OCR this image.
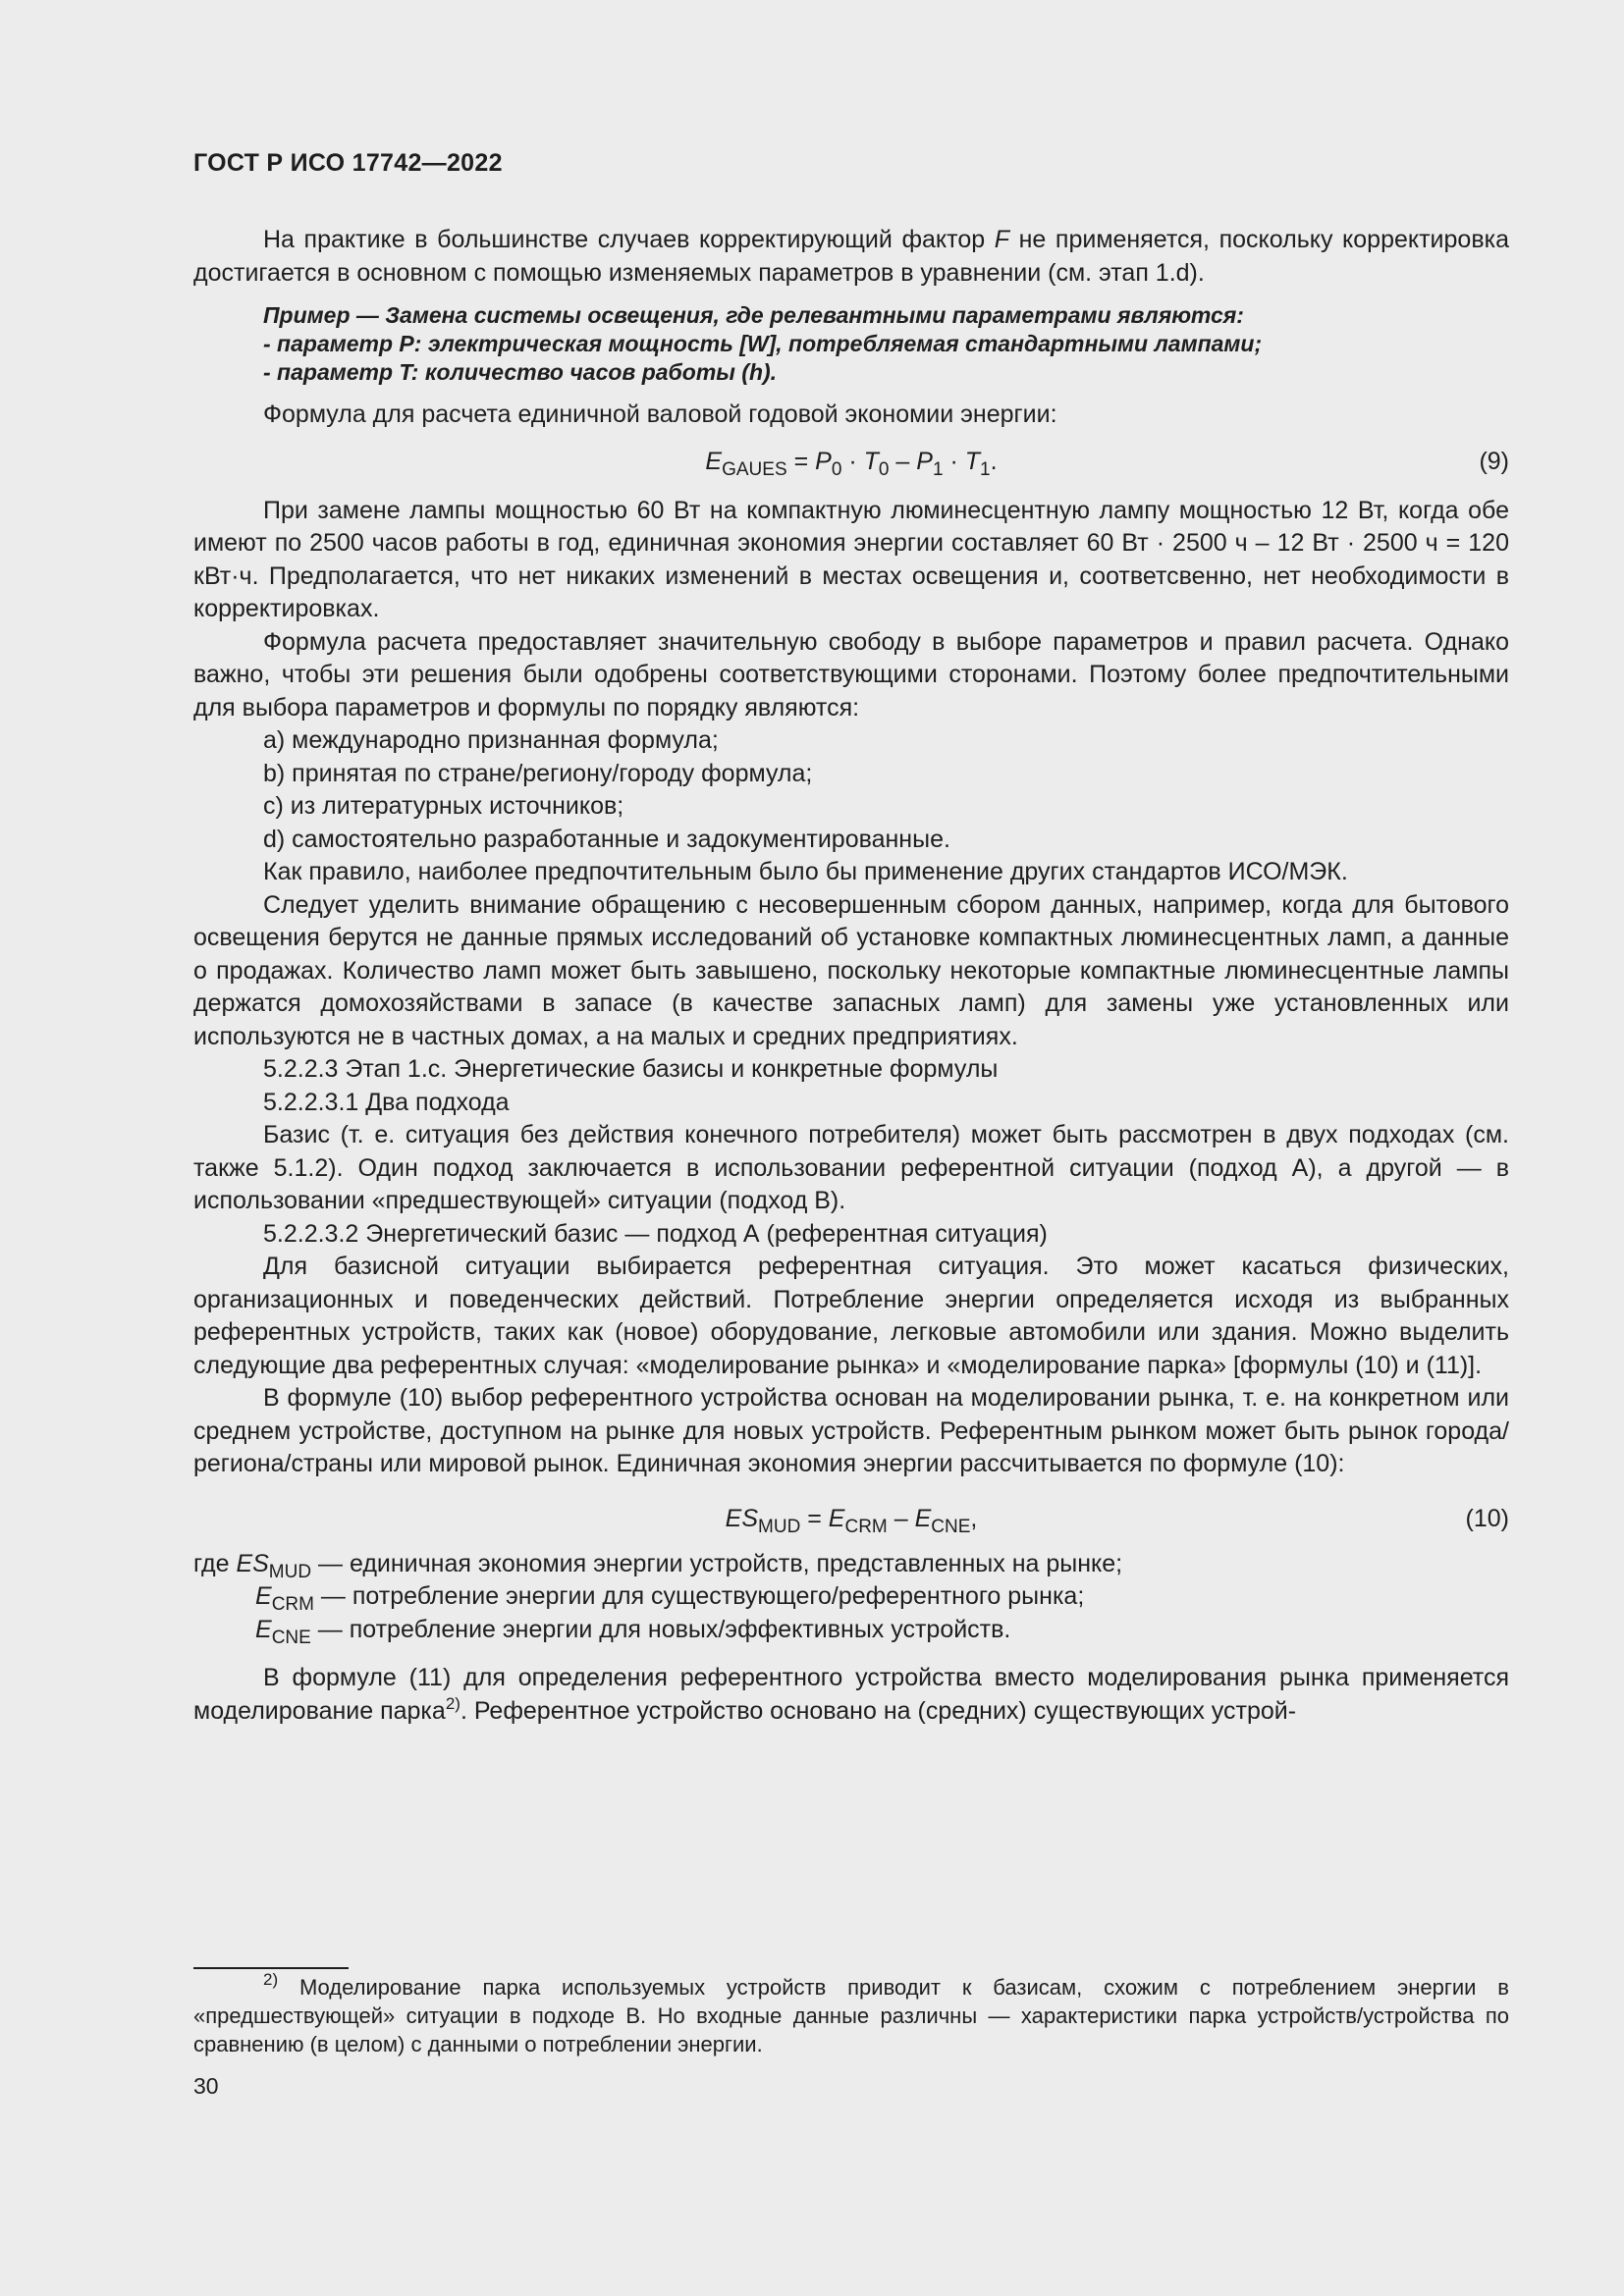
ГОСТ Р ИСО 17742—2022

На практике в большинстве случаев корректирующий фактор F не применяется, поскольку корректировка достигается в основном с помощью изменяемых параметров в уравнении (см. этап 1.d).

Пример — Замена системы освещения, где релевантными параметрами являются:
- параметр P: электрическая мощность [W], потребляемая стандартными лампами;
- параметр T: количество часов работы (h).

Формула для расчета единичной валовой годовой экономии энергии:

$E_{GAUES} = P_0 \cdot T_0 - P_1 \cdot T_1$.	(9)

При замене лампы мощностью 60 Вт на компактную люминесцентную лампу мощностью 12 Вт, когда обе имеют по 2500 часов работы в год, единичная экономия энергии составляет 60 Вт · 2500 ч – 12 Вт · 2500 ч = 120 кВт·ч. Предполагается, что нет никаких изменений в местах освещения и, соответсвенно, нет необходимости в корректировках.

Формула расчета предоставляет значительную свободу в выборе параметров и правил расчета. Однако важно, чтобы эти решения были одобрены соответствующими сторонами. Поэтому более предпочтительными для выбора параметров и формулы по порядку являются:

a) международно признанная формула;

b) принятая по стране/региону/городу формула;

c) из литературных источников;

d) самостоятельно разработанные и задокументированные.

Как правило, наиболее предпочтительным было бы применение других стандартов ИСО/МЭК.

Следует уделить внимание обращению с несовершенным сбором данных, например, когда для бытового освещения берутся не данные прямых исследований об установке компактных люминесцентных ламп, а данные о продажах. Количество ламп может быть завышено, поскольку некоторые компактные люминесцентные лампы держатся домохозяйствами в запасе (в качестве запасных ламп) для замены уже установленных или используются не в частных домах, а на малых и средних предприятиях.

5.2.2.3 Этап 1.с. Энергетические базисы и конкретные формулы

5.2.2.3.1 Два подхода

Базис (т. е. ситуация без действия конечного потребителя) может быть рассмотрен в двух подходах (см. также 5.1.2). Один подход заключается в использовании референтной ситуации (подход А), а другой — в использовании «предшествующей» ситуации (подход В).

5.2.2.3.2 Энергетический базис — подход А (референтная ситуация)

Для базисной ситуации выбирается референтная ситуация. Это может касаться физических, организационных и поведенческих действий. Потребление энергии определяется исходя из выбранных референтных устройств, таких как (новое) оборудование, легковые автомобили или здания. Можно выделить следующие два референтных случая: «моделирование рынка» и «моделирование парка» [формулы (10) и (11)].

В формуле (10) выбор референтного устройства основан на моделировании рынка, т. е. на конкретном или среднем устройстве, доступном на рынке для новых устройств. Референтным рынком может быть рынок города/региона/страны или мировой рынок. Единичная экономия энергии рассчитывается по формуле (10):

$ES_{MUD} = E_{CRM} - E_{CNE}$,	(10)
где $ES_{MUD}$ — единичная экономия энергии устройств, представленных на рынке;
$E_{CRM}$ — потребление энергии для существующего/референтного рынка;
$E_{CNE}$ — потребление энергии для новых/эффективных устройств.

В формуле (11) для определения референтного устройства вместо моделирования рынка применяется моделирование парка$^{2)}$. Референтное устройство основано на (средних) существующих устрой-

$^{2)}$ Моделирование парка используемых устройств приводит к базисам, схожим с потреблением энергии в «предшествующей» ситуации в подходе В. Но входные данные различны — характеристики парка устройств/устройства по сравнению (в целом) с данными о потреблении энергии.

30
